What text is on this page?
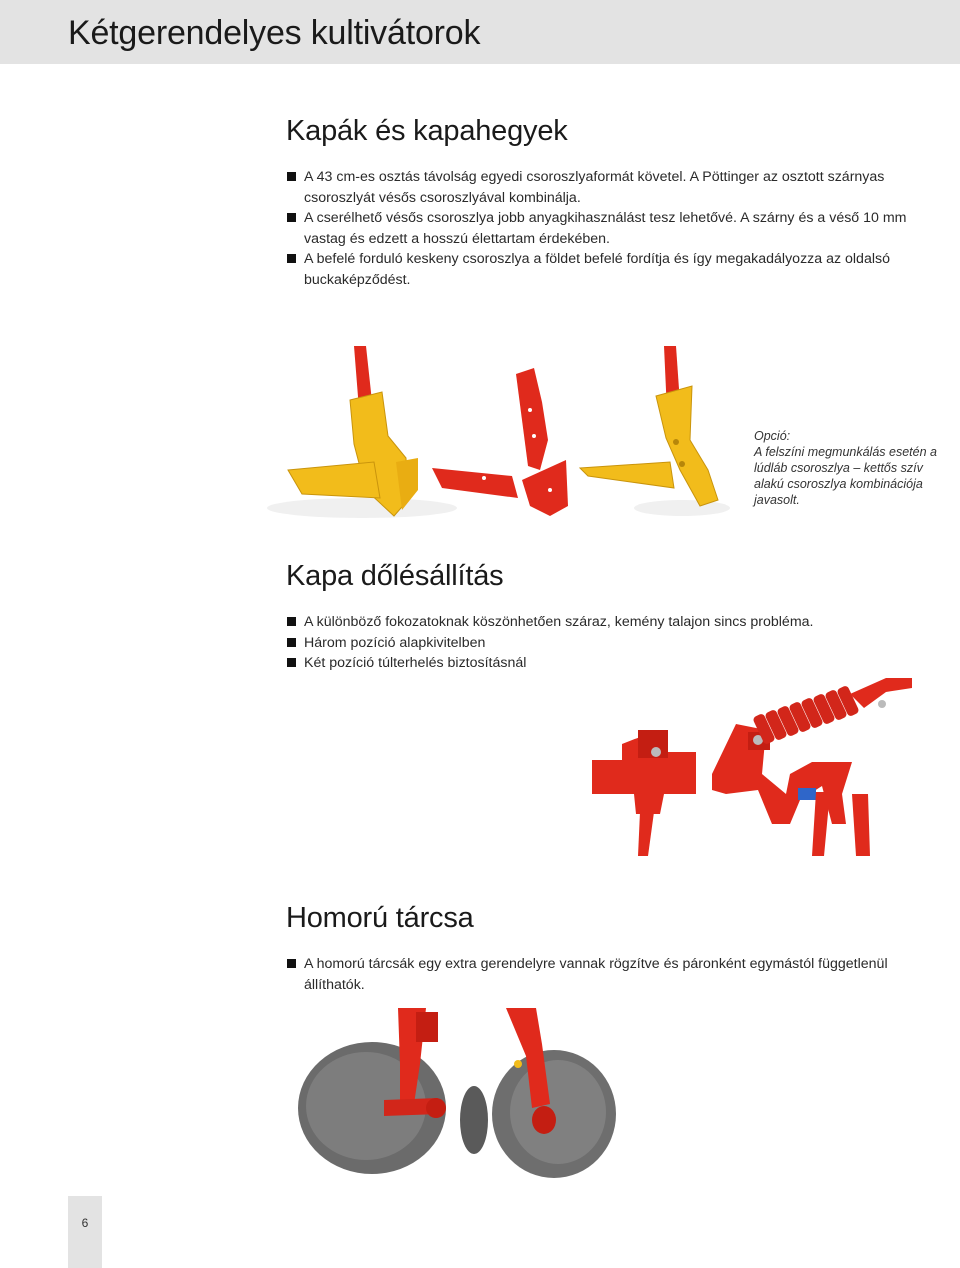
Kétgerendelyes kultivátorok
Kapák és kapahegyek
A 43 cm-es osztás távolság egyedi csoroszlyaformát követel. A Pöttinger az osztott szárnyas csoroszlyát vésős csoroszlyával kombinálja.
A cserélhető vésős csoroszlya jobb anyagkihasználást tesz lehetővé. A szárny és a véső 10 mm vastag és edzett a hosszú élettartam érdekében.
A befelé forduló keskeny csoroszlya a földet befelé fordítja és így megakadályozza az oldalsó buckaképződést.
Opció:
A felszíni megmunkálás esetén a lúdláb csoroszlya – kettős szív alakú csoroszlya kombinációja javasolt.
Kapa dőlésállítás
A különböző fokozatoknak köszönhetően száraz, kemény talajon sincs probléma.
Három pozíció alapkivitelben
Két pozíció túlterhelés biztosításnál
Homorú tárcsa
A homorú tárcsák egy extra gerendelyre vannak rögzítve és páronként egymástól függetlenül állíthatók.
6
